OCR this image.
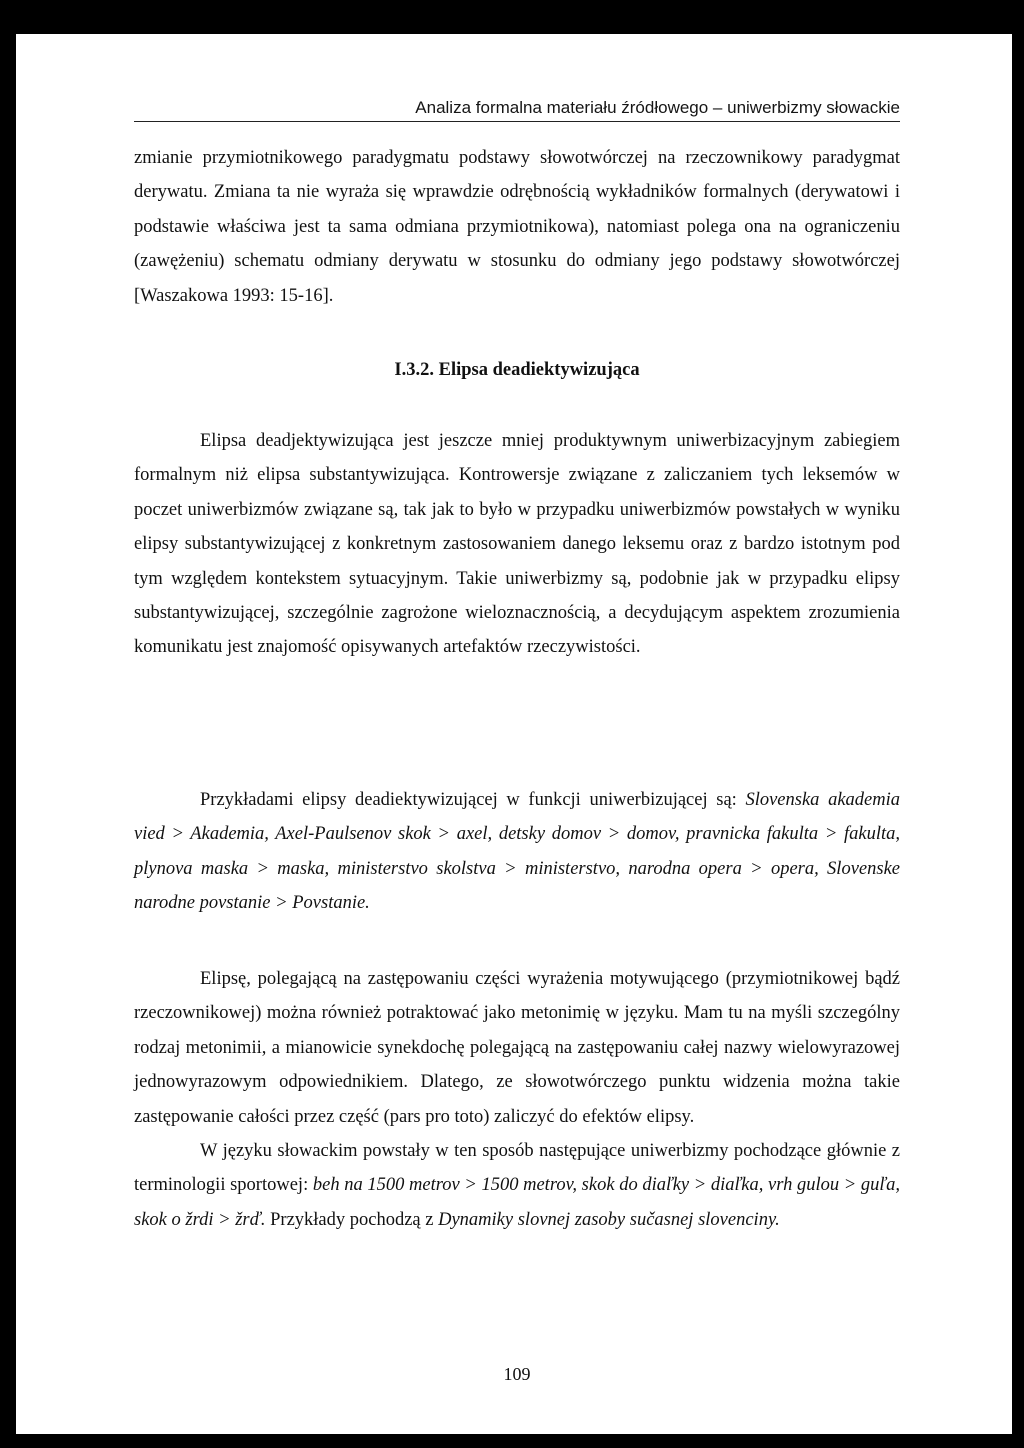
Analiza formalna materiału źródłowego – uniwerbizmy słowackie

zmianie przymiotnikowego paradygmatu podstawy słowotwórczej na rzeczownikowy paradygmat derywatu. Zmiana ta nie wyraża się wprawdzie odrębnością wykładników formalnych (derywatowi i podstawie właściwa jest ta sama odmiana przymiotnikowa), natomiast polega ona na ograniczeniu (zawężeniu) schematu odmiany derywatu w stosunku do odmiany jego podstawy słowotwórczej [Waszakowa 1993: 15-16].

I.3.2. Elipsa deadiektywizująca

Elipsa deadjektywizująca jest jeszcze mniej produktywnym uniwerbizacyjnym zabiegiem formalnym niż elipsa substantywizująca. Kontrowersje związane z zaliczaniem tych leksemów w poczet uniwerbizmów związane są, tak jak to było w przypadku uniwerbizmów powstałych w wyniku elipsy substantywizującej z konkretnym zastosowaniem danego leksemu oraz z bardzo istotnym pod tym względem kontekstem sytuacyjnym. Takie uniwerbizmy są, podobnie jak w przypadku elipsy substantywizującej, szczególnie zagrożone wieloznacznością, a decydującym aspektem zrozumienia komunikatu jest znajomość opisywanych artefaktów rzeczywistości.

Przykładami elipsy deadiektywizującej w funkcji uniwerbizującej są: Slovenska akademia vied > Akademia, Axel-Paulsenov skok > axel, detsky domov > domov, pravnicka fakulta > fakulta, plynova maska > maska, ministerstvo skolstva > ministerstvo, narodna opera > opera, Slovenske narodne povstanie > Povstanie.

Elipsę, polegającą na zastępowaniu części wyrażenia motywującego (przymiotnikowej bądź rzeczownikowej) można również potraktować jako metonimię w języku. Mam tu na myśli szczególny rodzaj metonimii, a mianowicie synekdochę polegającą na zastępowaniu całej nazwy wielowyrazowej jednowyrazowym odpowiednikiem. Dlatego, ze słowotwórczego punktu widzenia można takie zastępowanie całości przez część (pars pro toto) zaliczyć do efektów elipsy.

W języku słowackim powstały w ten sposób następujące uniwerbizmy pochodzące głównie z terminologii sportowej: beh na 1500 metrov > 1500 metrov, skok do diaľky > diaľka, vrh gulou > guľa, skok o žrdi > žrď. Przykłady pochodzą z Dynamiky slovnej zasoby sučasnej slovenciny.

109
